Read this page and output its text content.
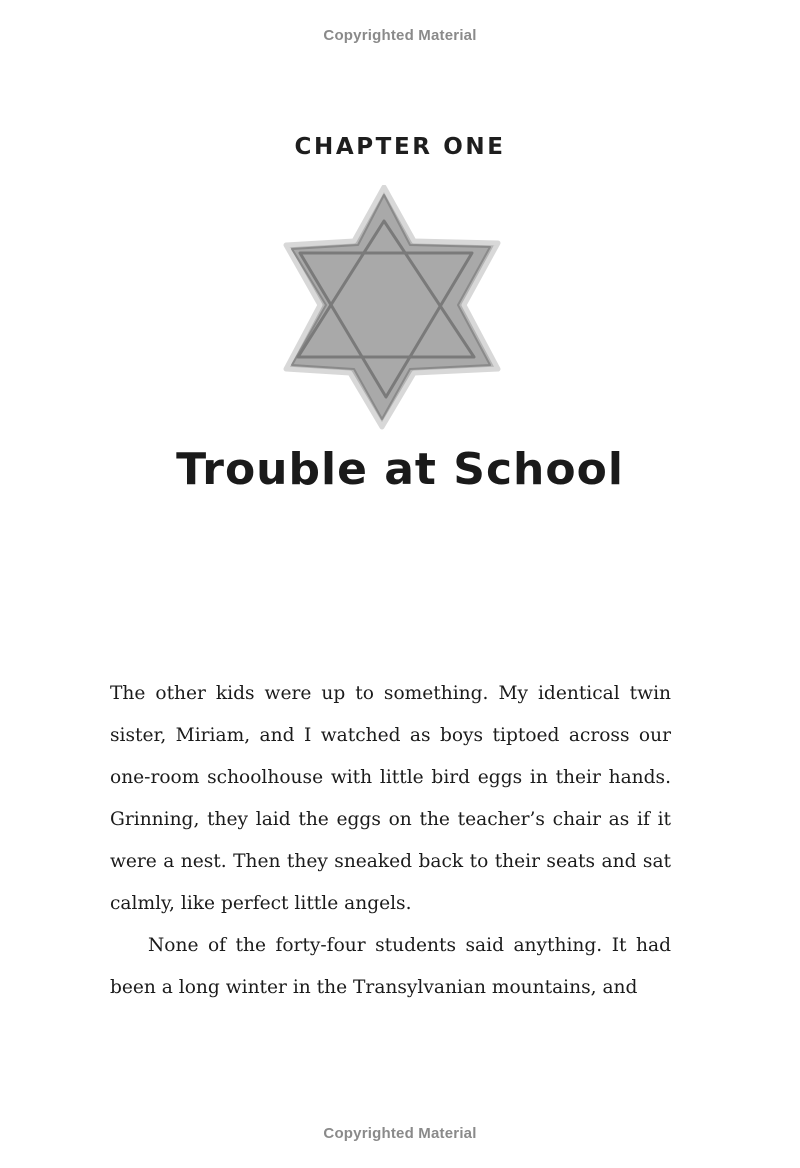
Copyrighted Material
CHAPTER ONE
Trouble at School

The other kids were up to something. My identical twin sister, Miriam, and I watched as boys tiptoed across our one-room schoolhouse with little bird eggs in their hands. Grinning, they laid the eggs on the teacher’s chair as if it were a nest. Then they sneaked back to their seats and sat calmly, like perfect little angels.

None of the forty-four students said anything. It had been a long winter in the Transylvanian mountains, and

Copyrighted Material
